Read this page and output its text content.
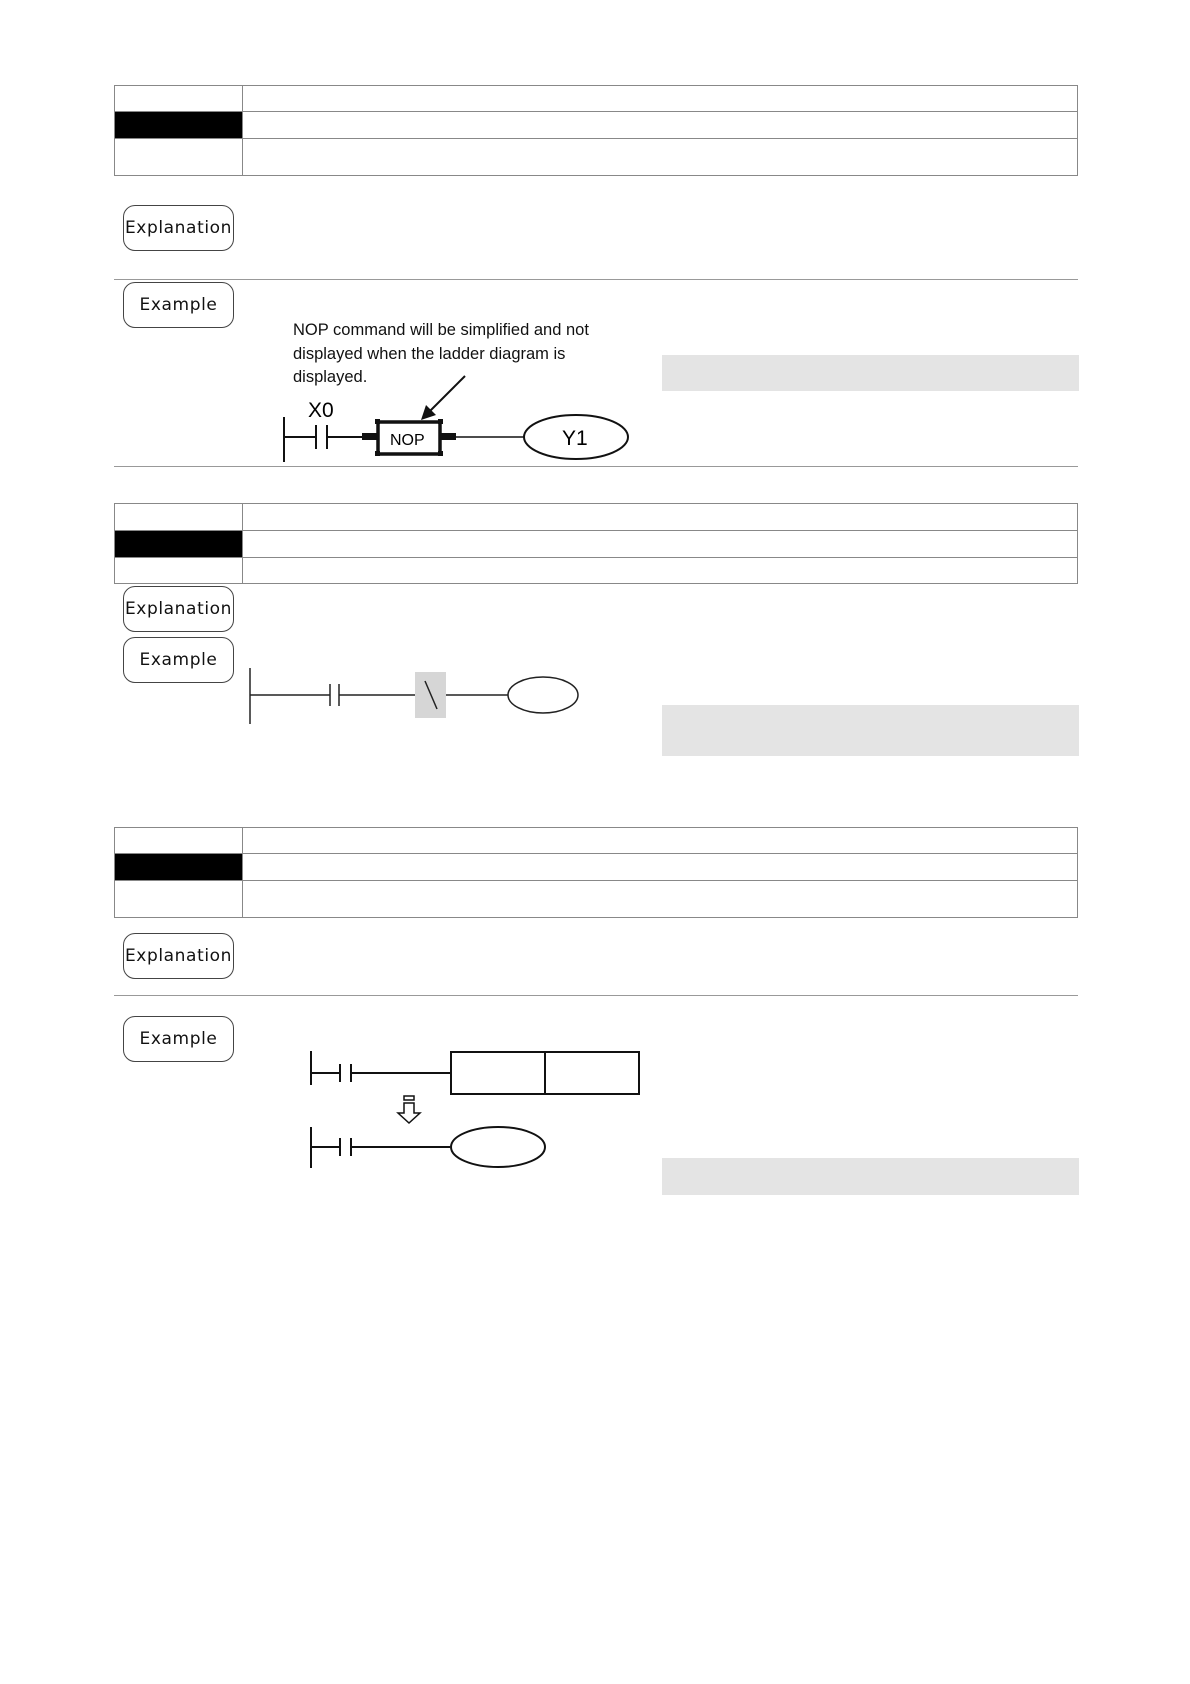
Explanation
Example
NOP command will be simplified and not displayed when the ladder diagram is displayed.
X0
NOP	Y1
Explanation
Example
Explanation
Example
